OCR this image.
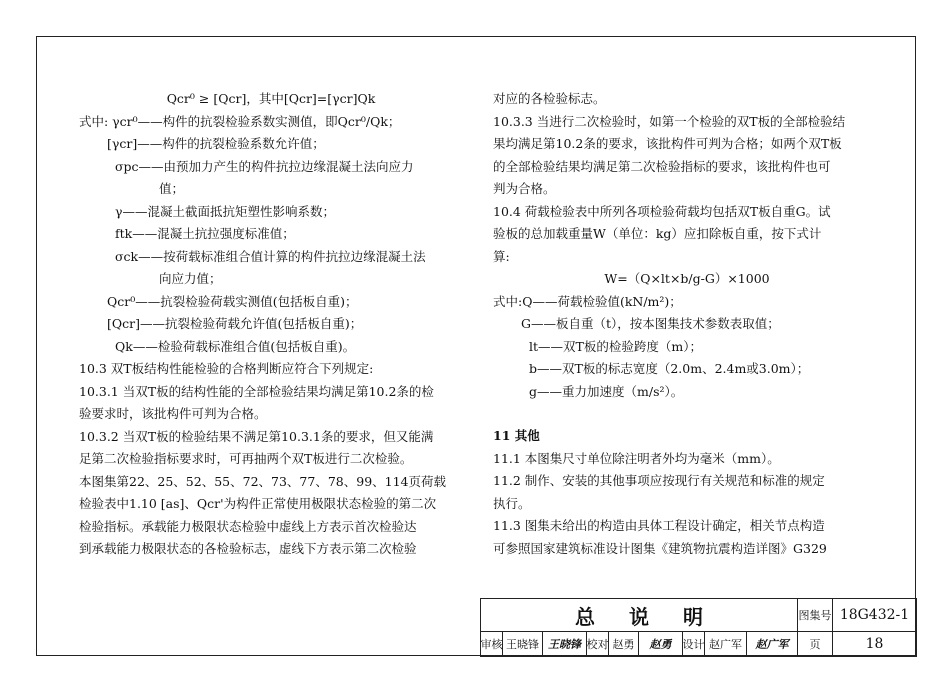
Qcr⁰ ≥ [Qcr]，其中[Qcr]=[γcr]Qk
式中: γcr⁰——构件的抗裂检验系数实测值，即Qcr⁰/Qk；
[γcr]——构件的抗裂检验系数允许值；
σpc——由预加力产生的构件抗拉边缘混凝土法向应力
值；
γ——混凝土截面抵抗矩塑性影响系数；
ftk——混凝土抗拉强度标准值；
σck——按荷载标准组合值计算的构件抗拉边缘混凝土法
向应力值；
Qcr⁰——抗裂检验荷载实测值(包括板自重)；
[Qcr]——抗裂检验荷载允许值(包括板自重)；
Qk——检验荷载标准组合值(包括板自重)。
10.3 双T板结构性能检验的合格判断应符合下列规定:
10.3.1 当双T板的结构性能的全部检验结果均满足第10.2条的检
验要求时，该批构件可判为合格。
10.3.2 当双T板的检验结果不满足第10.3.1条的要求，但又能满
足第二次检验指标要求时，可再抽两个双T板进行二次检验。
本图集第22、25、52、55、72、73、77、78、99、114页荷载
检验表中1.10 [as]、Qcr'为构件正常使用极限状态检验的第二次
检验指标。承载能力极限状态检验中虚线上方表示首次检验达
到承载能力极限状态的各检验标志，虚线下方表示第二次检验
对应的各检验标志。
10.3.3 当进行二次检验时，如第一个检验的双T板的全部检验结
果均满足第10.2条的要求，该批构件可判为合格；如两个双T板
的全部检验结果均满足第二次检验指标的要求，该批构件也可
判为合格。
10.4 荷载检验表中所列各项检验荷载均包括双T板自重G。试
验板的总加载重量W（单位：kg）应扣除板自重，按下式计
算:
W=（Q×lt×b/g-G）×1000
式中:Q——荷载检验值(kN/m²)；
G——板自重（t），按本图集技术参数表取值；
lt——双T板的检验跨度（m）；
b——双T板的标志宽度（2.0m、2.4m或3.0m）；
g——重力加速度（m/s²）。
11 其他
11.1 本图集尺寸单位除注明者外均为毫米（mm）。
11.2 制作、安装的其他事项应按现行有关规范和标准的规定
执行。
11.3 图集未给出的构造由具体工程设计确定，相关节点构造
可参照国家建筑标准设计图集《建筑物抗震构造详图》G329
总说明	图集号 18G432-1
审核 王晓锋 王晓锋 校对 赵勇	赵勇	设计 赵广军	赵广军	页	18
